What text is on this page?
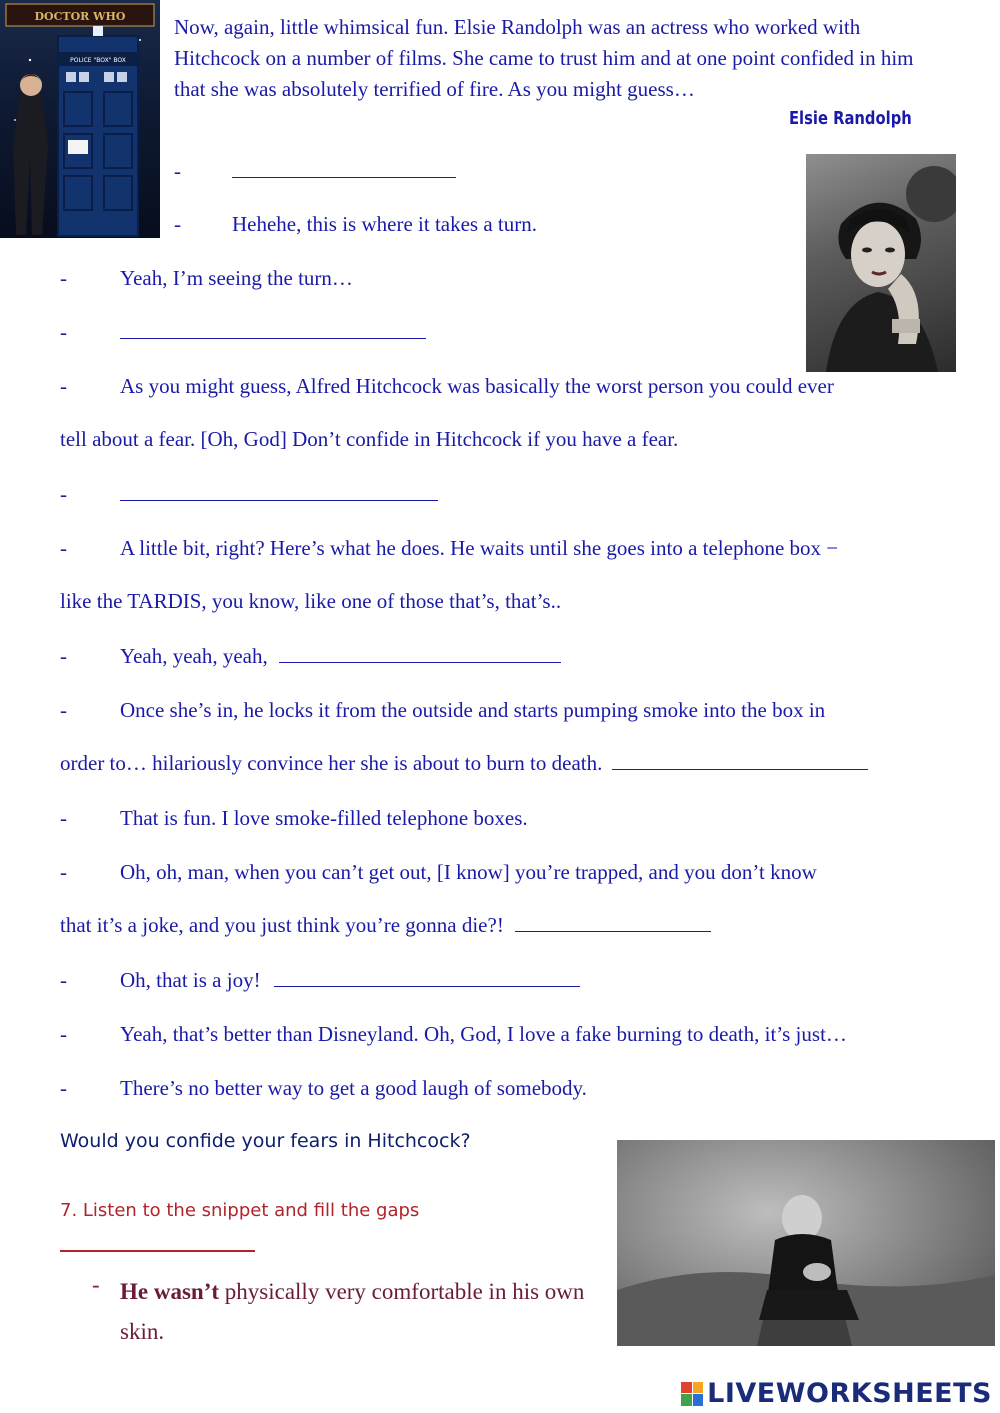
DOCTOR WHO
POLICE "BOX" BOX
Now, again, little whimsical fun. Elsie Randolph was an actress who worked with Hitchcock on a number of films. She came to trust him and at one point confided in him that she was absolutely terrified of fire. As you might guess…
Elsie Randolph
-
-	Hehehe, this is where it takes a turn.
-	Yeah, I’m seeing the turn…
-
-	As you might guess, Alfred Hitchcock was basically the worst person you could ever
tell about a fear. [Oh, God] Don’t confide in Hitchcock if you have a fear.
-
-	A little bit, right? Here’s what he does. He waits until she goes into a telephone box −
like the TARDIS, you know, like one of those that’s, that’s..
-	Yeah, yeah, yeah,
-	Once she’s in, he locks it from the outside and starts pumping smoke into the box in
order to… hilariously convince her she is about to burn to death.
-	That is fun. I love smoke-filled telephone boxes.
-	Oh, oh, man, when you can’t get out, [I know] you’re trapped, and you don’t know
that it’s a joke, and you just think you’re gonna die?!
-	Oh, that is a joy!
-	Yeah, that’s better than Disneyland. Oh, God, I love a fake burning to death, it’s just…
-	There’s no better way to get a good laugh of somebody.
Would you confide your fears in Hitchcock?
7. Listen to the snippet and fill the gaps
- He wasn’t physically very comfortable in his own skin.
LIVEWORKSHEETS
